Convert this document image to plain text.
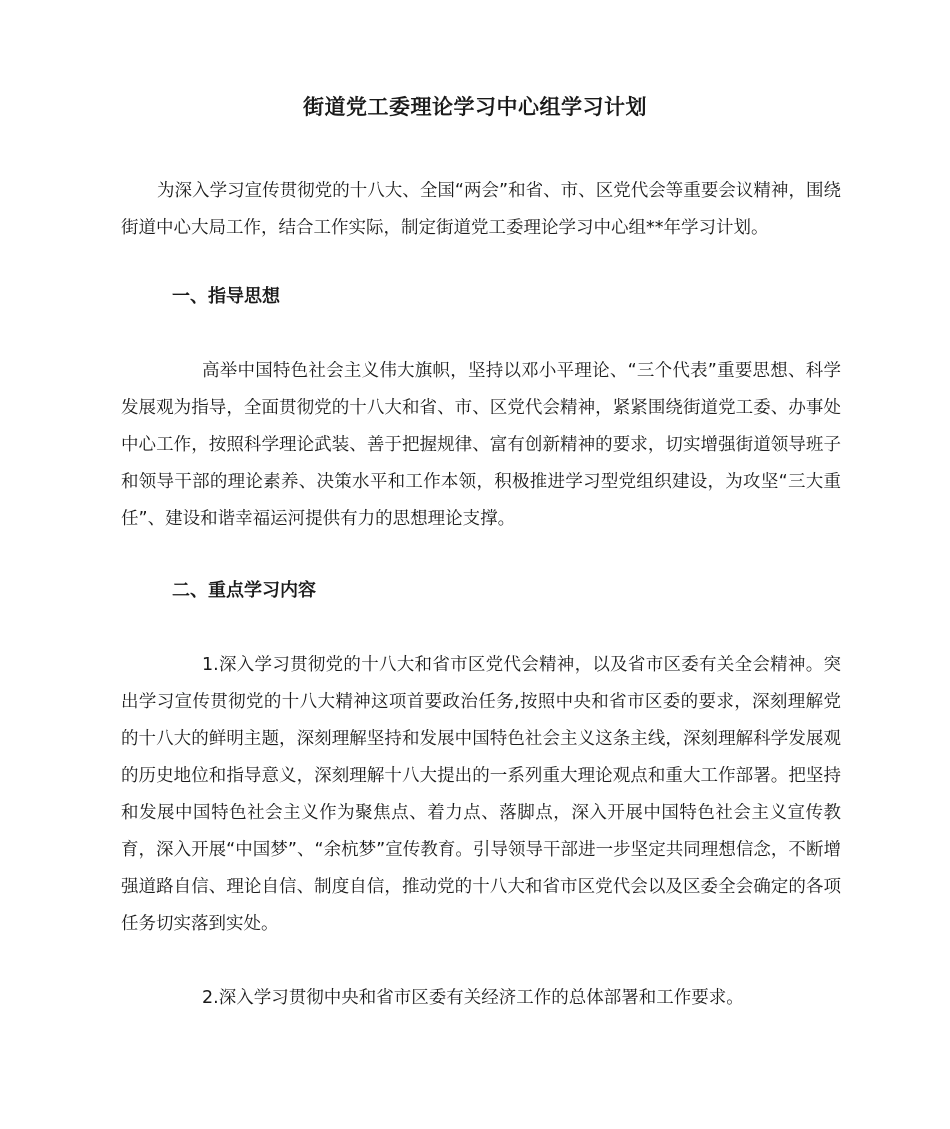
街道党工委理论学习中心组学习计划

为深入学习宣传贯彻党的十八大、全国“两会”和省、市、区党代会等重要会议精神，围绕街道中心大局工作，结合工作实际，制定街道党工委理论学习中心组**年学习计划。

一、指导思想

高举中国特色社会主义伟大旗帜，坚持以邓小平理论、“三个代表”重要思想、科学发展观为指导，全面贯彻党的十八大和省、市、区党代会精神，紧紧围绕街道党工委、办事处中心工作，按照科学理论武装、善于把握规律、富有创新精神的要求，切实增强街道领导班子和领导干部的理论素养、决策水平和工作本领，积极推进学习型党组织建设，为攻坚“三大重任”、建设和谐幸福运河提供有力的思想理论支撑。

二、重点学习内容

1.深入学习贯彻党的十八大和省市区党代会精神，以及省市区委有关全会精神。突出学习宣传贯彻党的十八大精神这项首要政治任务,按照中央和省市区委的要求，深刻理解党的十八大的鲜明主题，深刻理解坚持和发展中国特色社会主义这条主线，深刻理解科学发展观的历史地位和指导意义，深刻理解十八大提出的一系列重大理论观点和重大工作部署。把坚持和发展中国特色社会主义作为聚焦点、着力点、落脚点，深入开展中国特色社会主义宣传教育，深入开展“中国梦”、“余杭梦”宣传教育。引导领导干部进一步坚定共同理想信念，不断增强道路自信、理论自信、制度自信，推动党的十八大和省市区党代会以及区委全会确定的各项任务切实落到实处。

2.深入学习贯彻中央和省市区委有关经济工作的总体部署和工作要求。
